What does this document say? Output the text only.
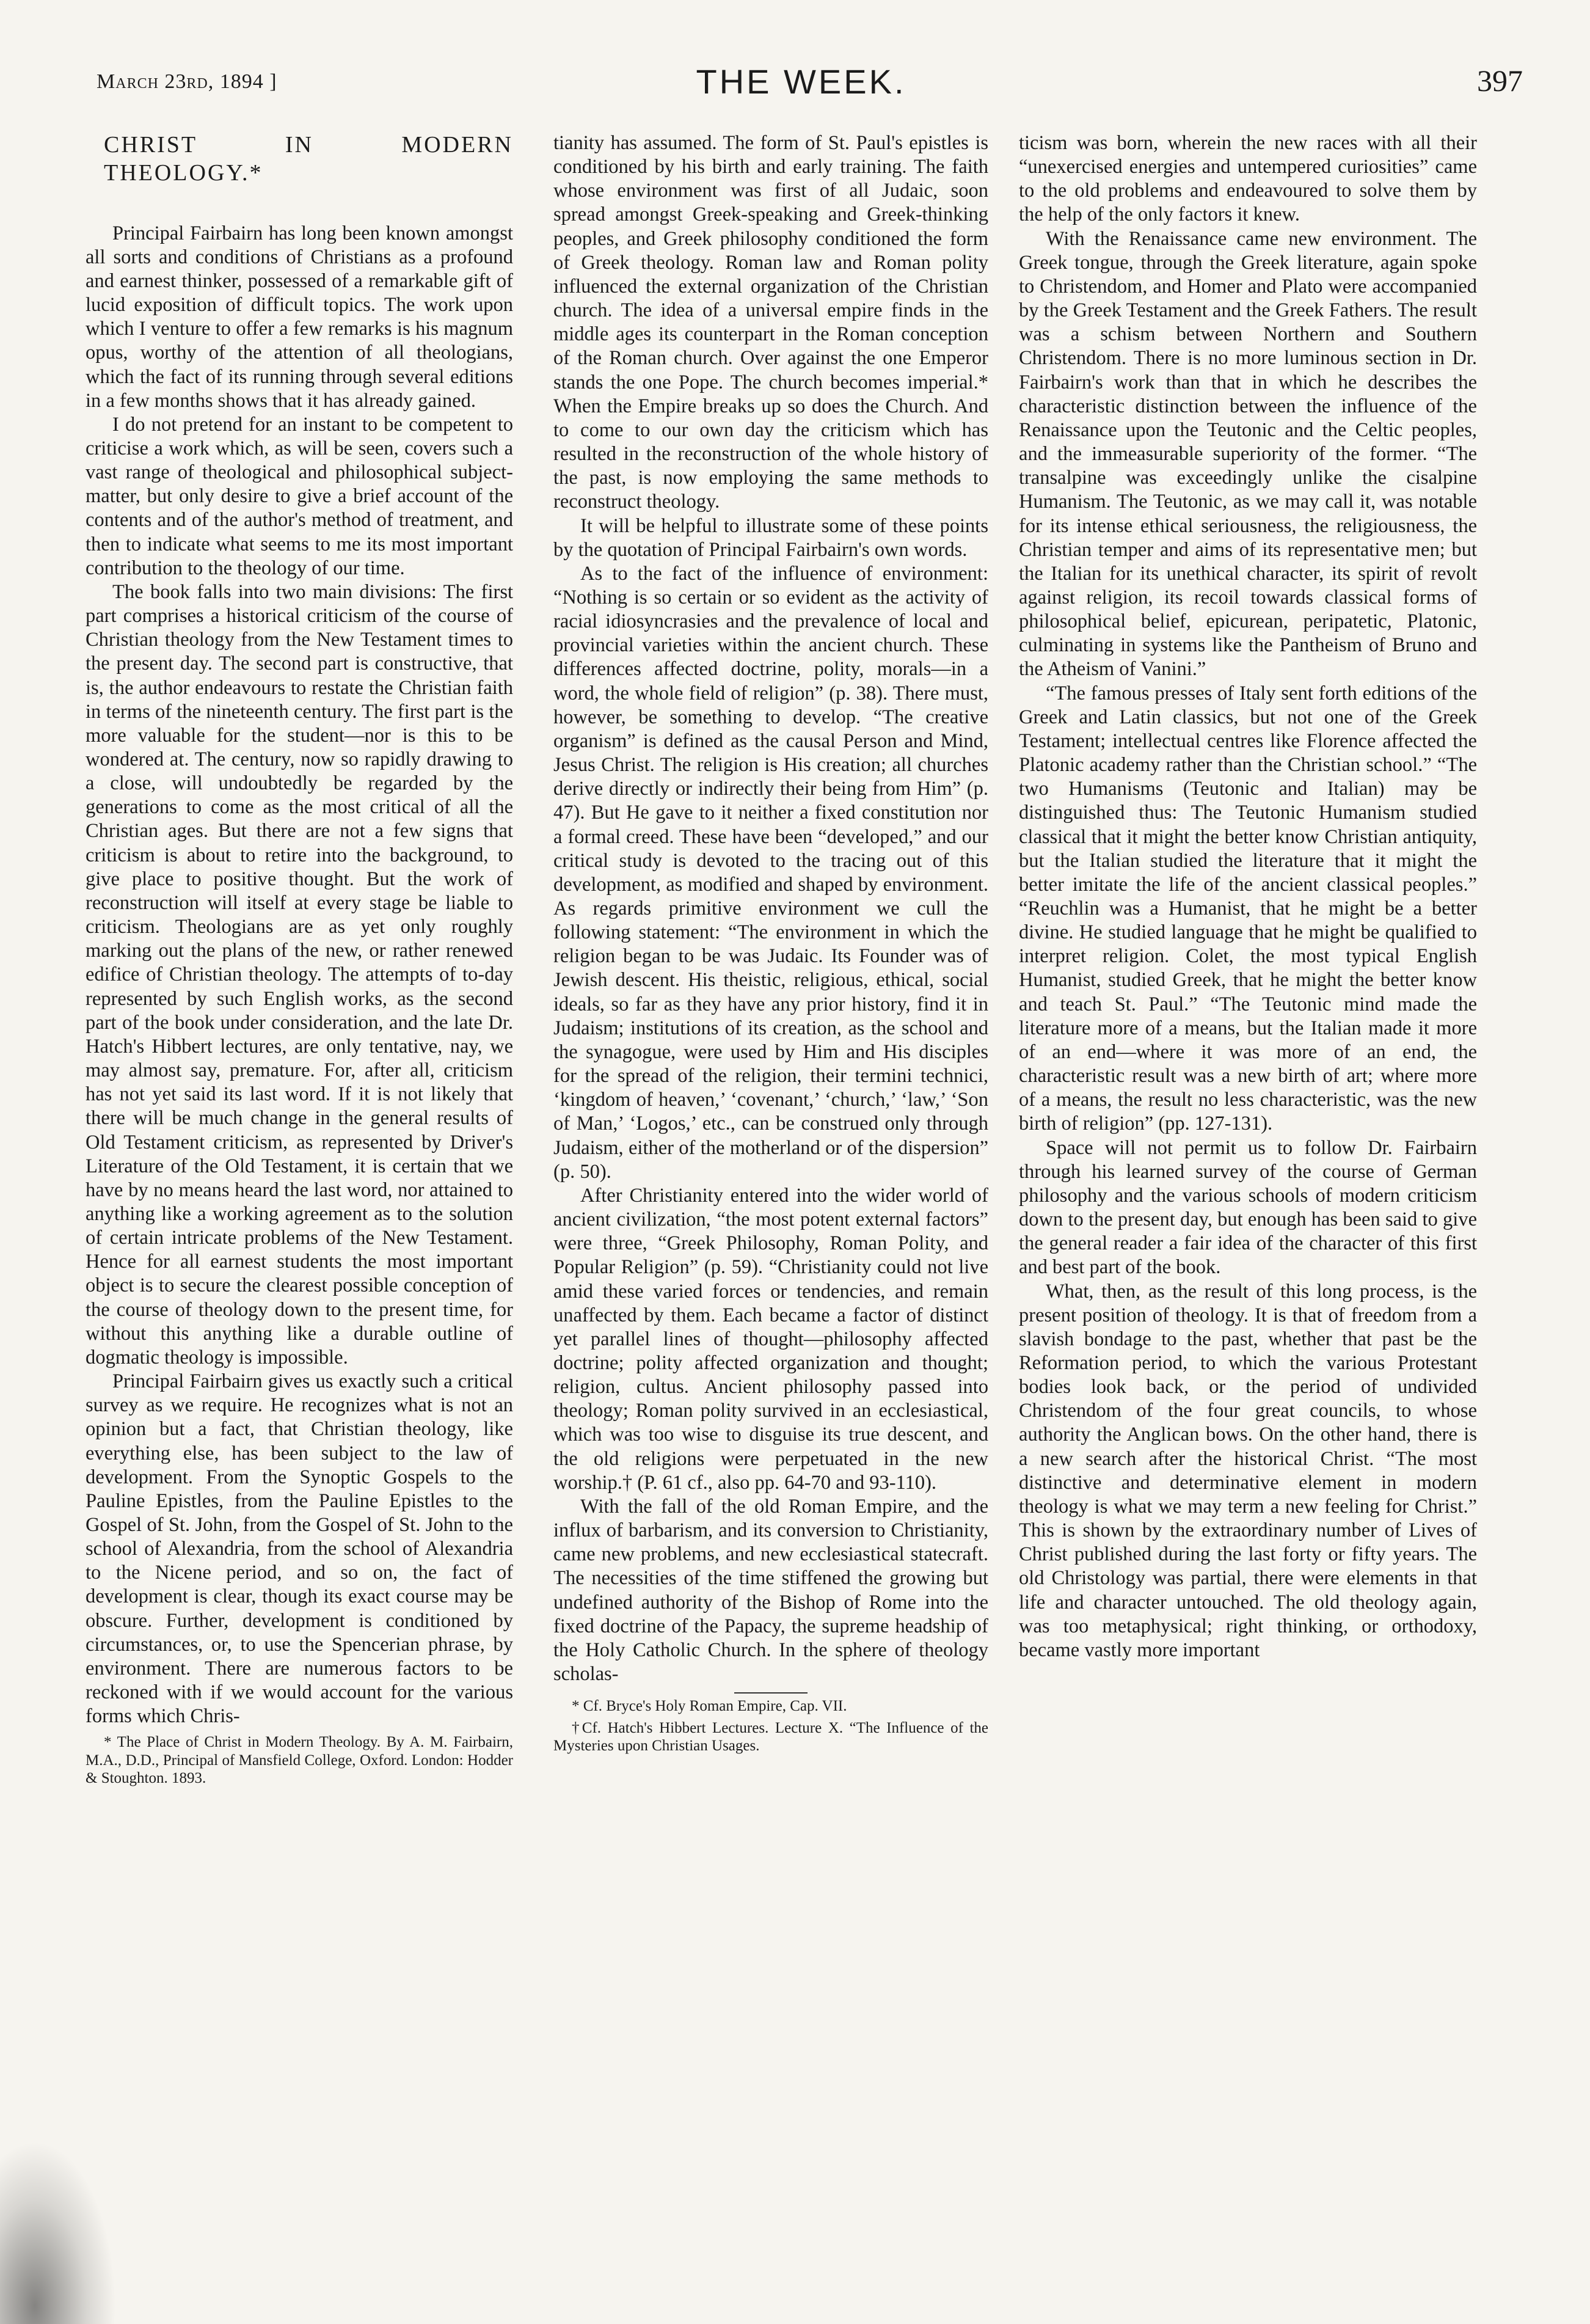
March 23rd, 1894 ]	THE WEEK.	397
CHRIST IN MODERN THEOLOGY.*

Principal Fairbairn has long been known amongst all sorts and conditions of Christians as a profound and earnest thinker, possessed of a remarkable gift of lucid exposition of difficult topics. The work upon which I venture to offer a few remarks is his magnum opus, worthy of the attention of all theologians, which the fact of its running through several editions in a few months shows that it has already gained.

I do not pretend for an instant to be competent to criticise a work which, as will be seen, covers such a vast range of theological and philosophical subject-matter, but only desire to give a brief account of the contents and of the author's method of treatment, and then to indicate what seems to me its most important contribution to the theology of our time.

The book falls into two main divisions: The first part comprises a historical criticism of the course of Christian theology from the New Testament times to the present day. The second part is constructive, that is, the author endeavours to restate the Christian faith in terms of the nineteenth century. The first part is the more valuable for the student—nor is this to be wondered at. The century, now so rapidly drawing to a close, will undoubtedly be regarded by the generations to come as the most critical of all the Christian ages. But there are not a few signs that criticism is about to retire into the background, to give place to positive thought. But the work of reconstruction will itself at every stage be liable to criticism. Theologians are as yet only roughly marking out the plans of the new, or rather renewed edifice of Christian theology. The attempts of to-day represented by such English works, as the second part of the book under consideration, and the late Dr. Hatch's Hibbert lectures, are only tentative, nay, we may almost say, premature. For, after all, criticism has not yet said its last word. If it is not likely that there will be much change in the general results of Old Testament criticism, as represented by Driver's Literature of the Old Testament, it is certain that we have by no means heard the last word, nor attained to anything like a working agreement as to the solution of certain intricate problems of the New Testament. Hence for all earnest students the most important object is to secure the clearest possible conception of the course of theology down to the present time, for without this anything like a durable outline of dogmatic theology is impossible.

Principal Fairbairn gives us exactly such a critical survey as we require. He recognizes what is not an opinion but a fact, that Christian theology, like everything else, has been subject to the law of development. From the Synoptic Gospels to the Pauline Epistles, from the Pauline Epistles to the Gospel of St. John, from the Gospel of St. John to the school of Alexandria, from the school of Alexandria to the Nicene period, and so on, the fact of development is clear, though its exact course may be obscure. Further, development is conditioned by circumstances, or, to use the Spencerian phrase, by environment. There are numerous factors to be reckoned with if we would account for the various forms which Chris-

* The Place of Christ in Modern Theology. By A. M. Fairbairn, M.A., D.D., Principal of Mansfield College, Oxford. London: Hodder & Stoughton. 1893.

tianity has assumed. The form of St. Paul's epistles is conditioned by his birth and early training. The faith whose environment was first of all Judaic, soon spread amongst Greek-speaking and Greek-thinking peoples, and Greek philosophy conditioned the form of Greek theology. Roman law and Roman polity influenced the external organization of the Christian church. The idea of a universal empire finds in the middle ages its counterpart in the Roman conception of the Roman church. Over against the one Emperor stands the one Pope. The church becomes imperial.* When the Empire breaks up so does the Church. And to come to our own day the criticism which has resulted in the reconstruction of the whole history of the past, is now employing the same methods to reconstruct theology.

It will be helpful to illustrate some of these points by the quotation of Principal Fairbairn's own words.

As to the fact of the influence of environment: “Nothing is so certain or so evident as the activity of racial idiosyncrasies and the prevalence of local and provincial varieties within the ancient church. These differences affected doctrine, polity, morals—in a word, the whole field of religion” (p. 38). There must, however, be something to develop. “The creative organism” is defined as the causal Person and Mind, Jesus Christ. The religion is His creation; all churches derive directly or indirectly their being from Him” (p. 47). But He gave to it neither a fixed constitution nor a formal creed. These have been “developed,” and our critical study is devoted to the tracing out of this development, as modified and shaped by environment. As regards primitive environment we cull the following statement: “The environment in which the religion began to be was Judaic. Its Founder was of Jewish descent. His theistic, religious, ethical, social ideals, so far as they have any prior history, find it in Judaism; institutions of its creation, as the school and the synagogue, were used by Him and His disciples for the spread of the religion, their termini technici, ‘kingdom of heaven,’ ‘covenant,’ ‘church,’ ‘law,’ ‘Son of Man,’ ‘Logos,’ etc., can be construed only through Judaism, either of the motherland or of the dispersion” (p. 50).

After Christianity entered into the wider world of ancient civilization, “the most potent external factors” were three, “Greek Philosophy, Roman Polity, and Popular Religion” (p. 59). “Christianity could not live amid these varied forces or tendencies, and remain unaffected by them. Each became a factor of distinct yet parallel lines of thought—philosophy affected doctrine; polity affected organization and thought; religion, cultus. Ancient philosophy passed into theology; Roman polity survived in an ecclesiastical, which was too wise to disguise its true descent, and the old religions were perpetuated in the new worship.† (P. 61 cf., also pp. 64-70 and 93-110).

With the fall of the old Roman Empire, and the influx of barbarism, and its conversion to Christianity, came new problems, and new ecclesiastical statecraft. The necessities of the time stiffened the growing but undefined authority of the Bishop of Rome into the fixed doctrine of the Papacy, the supreme headship of the Holy Catholic Church. In the sphere of theology scholas-

* Cf. Bryce's Holy Roman Empire, Cap. VII.

†Cf. Hatch's Hibbert Lectures. Lecture X. “The Influence of the Mysteries upon Christian Usages.

ticism was born, wherein the new races with all their “unexercised energies and untempered curiosities” came to the old problems and endeavoured to solve them by the help of the only factors it knew.

With the Renaissance came new environment. The Greek tongue, through the Greek literature, again spoke to Christendom, and Homer and Plato were accompanied by the Greek Testament and the Greek Fathers. The result was a schism between Northern and Southern Christendom. There is no more luminous section in Dr. Fairbairn's work than that in which he describes the characteristic distinction between the influence of the Renaissance upon the Teutonic and the Celtic peoples, and the immeasurable superiority of the former. “The transalpine was exceedingly unlike the cisalpine Humanism. The Teutonic, as we may call it, was notable for its intense ethical seriousness, the religiousness, the Christian temper and aims of its representative men; but the Italian for its unethical character, its spirit of revolt against religion, its recoil towards classical forms of philosophical belief, epicurean, peripatetic, Platonic, culminating in systems like the Pantheism of Bruno and the Atheism of Vanini.”

“The famous presses of Italy sent forth editions of the Greek and Latin classics, but not one of the Greek Testament; intellectual centres like Florence affected the Platonic academy rather than the Christian school.” “The two Humanisms (Teutonic and Italian) may be distinguished thus: The Teutonic Humanism studied classical that it might the better know Christian antiquity, but the Italian studied the literature that it might the better imitate the life of the ancient classical peoples.” “Reuchlin was a Humanist, that he might be a better divine. He studied language that he might be qualified to interpret religion. Colet, the most typical English Humanist, studied Greek, that he might the better know and teach St. Paul.” “The Teutonic mind made the literature more of a means, but the Italian made it more of an end—where it was more of an end, the characteristic result was a new birth of art; where more of a means, the result no less characteristic, was the new birth of religion” (pp. 127-131).

Space will not permit us to follow Dr. Fairbairn through his learned survey of the course of German philosophy and the various schools of modern criticism down to the present day, but enough has been said to give the general reader a fair idea of the character of this first and best part of the book.

What, then, as the result of this long process, is the present position of theology. It is that of freedom from a slavish bondage to the past, whether that past be the Reformation period, to which the various Protestant bodies look back, or the period of undivided Christendom of the four great councils, to whose authority the Anglican bows. On the other hand, there is a new search after the historical Christ. “The most distinctive and determinative element in modern theology is what we may term a new feeling for Christ.” This is shown by the extraordinary number of Lives of Christ published during the last forty or fifty years. The old Christology was partial, there were elements in that life and character untouched. The old theology again, was too metaphysical; right thinking, or orthodoxy, became vastly more important
